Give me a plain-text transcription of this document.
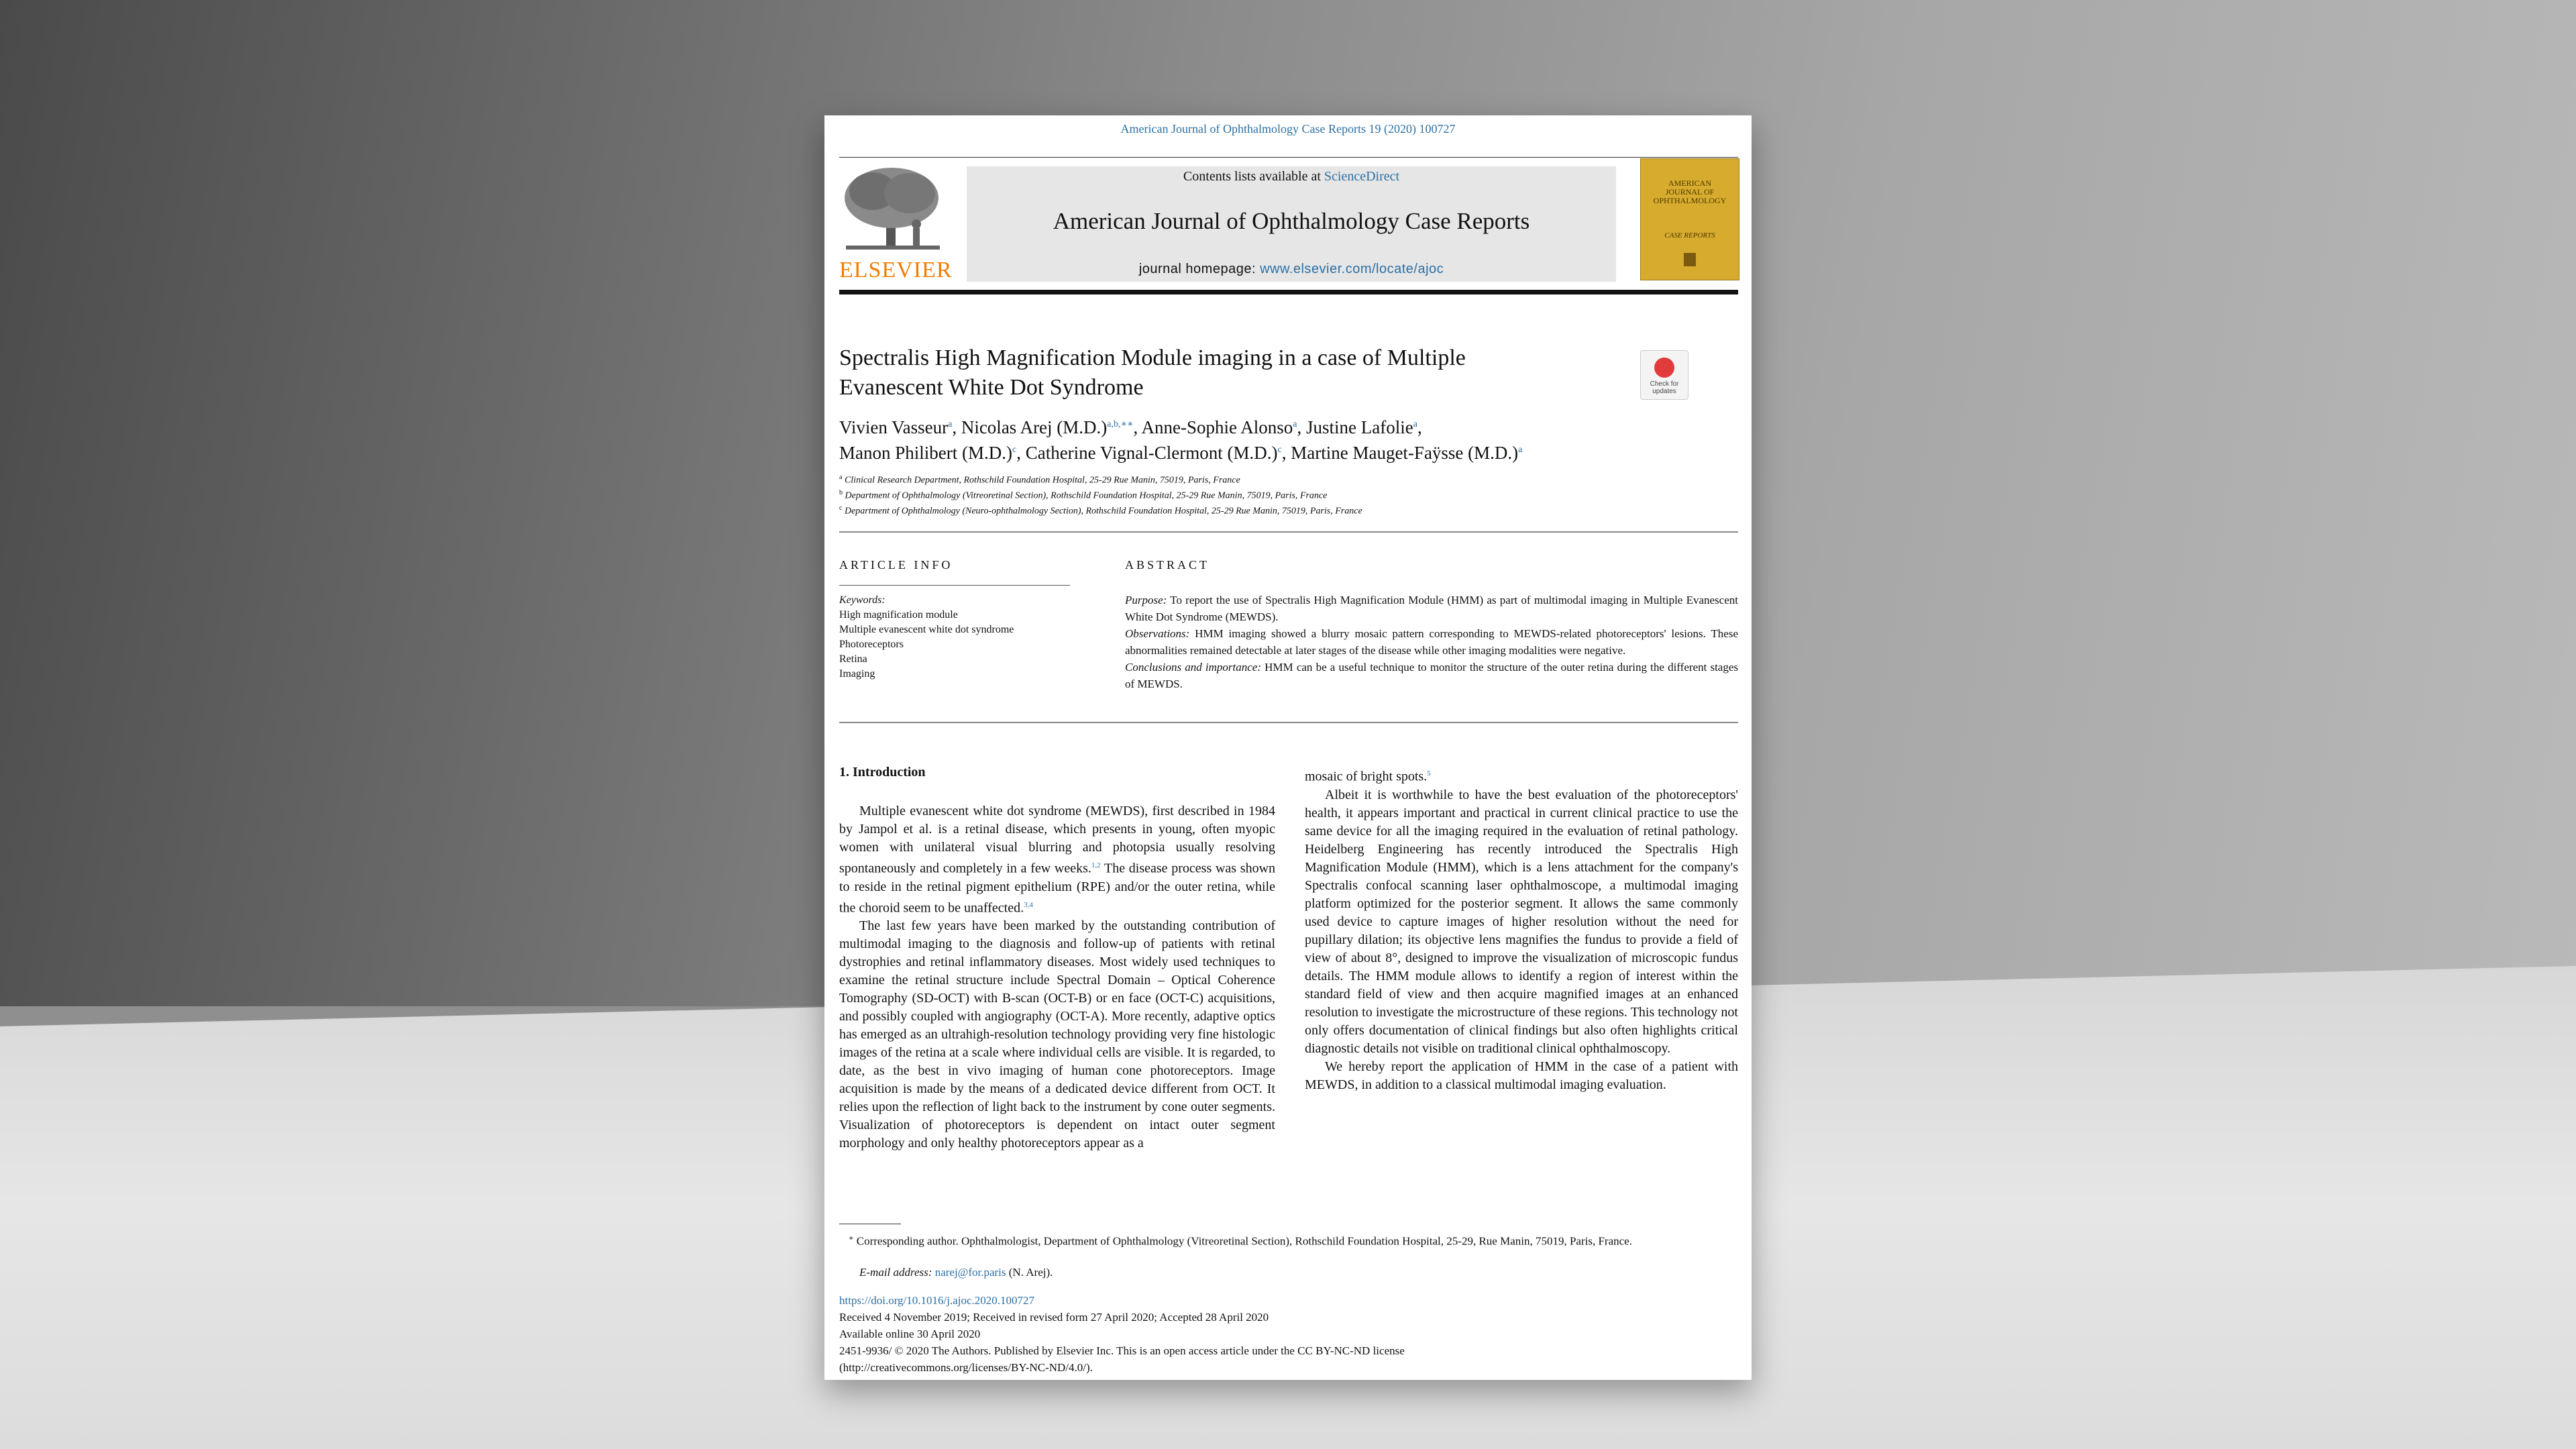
American Journal of Ophthalmology Case Reports 19 (2020) 100727
ELSEVIER
Contents lists available at ScienceDirect
American Journal of Ophthalmology Case Reports
journal homepage: www.elsevier.com/locate/ajoc
AMERICAN
JOURNAL OF
OPHTHALMOLOGY
CASE REPORTS
Spectralis High Magnification Module imaging in a case of Multiple
Evanescent White Dot Syndrome	Check for
updates
Vivien Vasseur$^a$, Nicolas Arej $(M.D.)^{a,b,∗∗}$, Anne-Sophie Alonso$^a$, Justine Lafolie$^a$,
Manon Philibert $(M.D.)^c$, Catherine Vignal-Clermont $(M.D.)^c$, Martine Mauget-Faÿsse $(M.D.)^a$
$^a$ Clinical Research Department, Rothschild Foundation Hospital, 25-29 Rue Manin, 75019, Paris, France
$^b$ Department of Ophthalmology (Vitreoretinal Section), Rothschild Foundation Hospital, 25-29 Rue Manin, 75019, Paris, France
$^c$ Department of Ophthalmology (Neuro-ophthalmology Section), Rothschild Foundation Hospital, 25-29 Rue Manin, 75019, Paris, France
ARTICLE INFO
Keywords:
High magnification module
Multiple evanescent white dot syndrome
Photoreceptors
Retina
Imaging
ABSTRACT
Purpose: To report the use of Spectralis High Magnification Module (HMM) as part of multimodal imaging in Multiple Evanescent White Dot Syndrome (MEWDS).
Observations: HMM imaging showed a blurry mosaic pattern corresponding to MEWDS-related photoreceptors' lesions. These abnormalities remained detectable at later stages of the disease while other imaging modalities were negative.
Conclusions and importance: HMM can be a useful technique to monitor the structure of the outer retina during the different stages of MEWDS.
1. Introduction

Multiple evanescent white dot syndrome (MEWDS), first described in 1984 by Jampol et al. is a retinal disease, which presents in young, often myopic women with unilateral visual blurring and photopsia usually resolving spontaneously and completely in a few weeks.$^{1,2}$ The disease process was shown to reside in the retinal pigment epithelium (RPE) and/or the outer retina, while the choroid seem to be unaffected.$^{3,4}$

The last few years have been marked by the outstanding contribution of multimodal imaging to the diagnosis and follow-up of patients with retinal dystrophies and retinal inflammatory diseases. Most widely used techniques to examine the retinal structure include Spectral Domain – Optical Coherence Tomography (SD-OCT) with B-scan (OCT-B) or en face (OCT-C) acquisitions, and possibly coupled with angiography (OCT-A). More recently, adaptive optics has emerged as an ultrahigh-resolution technology providing very fine histologic images of the retina at a scale where individual cells are visible. It is regarded, to date, as the best in vivo imaging of human cone photoreceptors. Image acquisition is made by the means of a dedicated device different from OCT. It relies upon the reflection of light back to the instrument by cone outer segments. Visualization of photoreceptors is dependent on intact outer segment morphology and only healthy photoreceptors appear as a

mosaic of bright spots.$^5$

Albeit it is worthwhile to have the best evaluation of the photoreceptors' health, it appears important and practical in current clinical practice to use the same device for all the imaging required in the evaluation of retinal pathology. Heidelberg Engineering has recently introduced the Spectralis High Magnification Module (HMM), which is a lens attachment for the company's Spectralis confocal scanning laser ophthalmoscope, a multimodal imaging platform optimized for the posterior segment. It allows the same commonly used device to capture images of higher resolution without the need for pupillary dilation; its objective lens magnifies the fundus to provide a field of view of about 8°, designed to improve the visualization of microscopic fundus details. The HMM module allows to identify a region of interest within the standard field of view and then acquire magnified images at an enhanced resolution to investigate the microstructure of these regions. This technology not only offers documentation of clinical findings but also often highlights critical diagnostic details not visible on traditional clinical ophthalmoscopy.

We hereby report the application of HMM in the case of a patient with MEWDS, in addition to a classical multimodal imaging evaluation.

∗ Corresponding author. Ophthalmologist, Department of Ophthalmology (Vitreoretinal Section), Rothschild Foundation Hospital, 25-29, Rue Manin, 75019, Paris, France.
E-mail address: narej@for.paris (N. Arej).
https://doi.org/10.1016/j.ajoc.2020.100727
Received 4 November 2019; Received in revised form 27 April 2020; Accepted 28 April 2020
Available online 30 April 2020
2451-9936/ © 2020 The Authors. Published by Elsevier Inc. This is an open access article under the CC BY-NC-ND license
(http://creativecommons.org/licenses/BY-NC-ND/4.0/).
